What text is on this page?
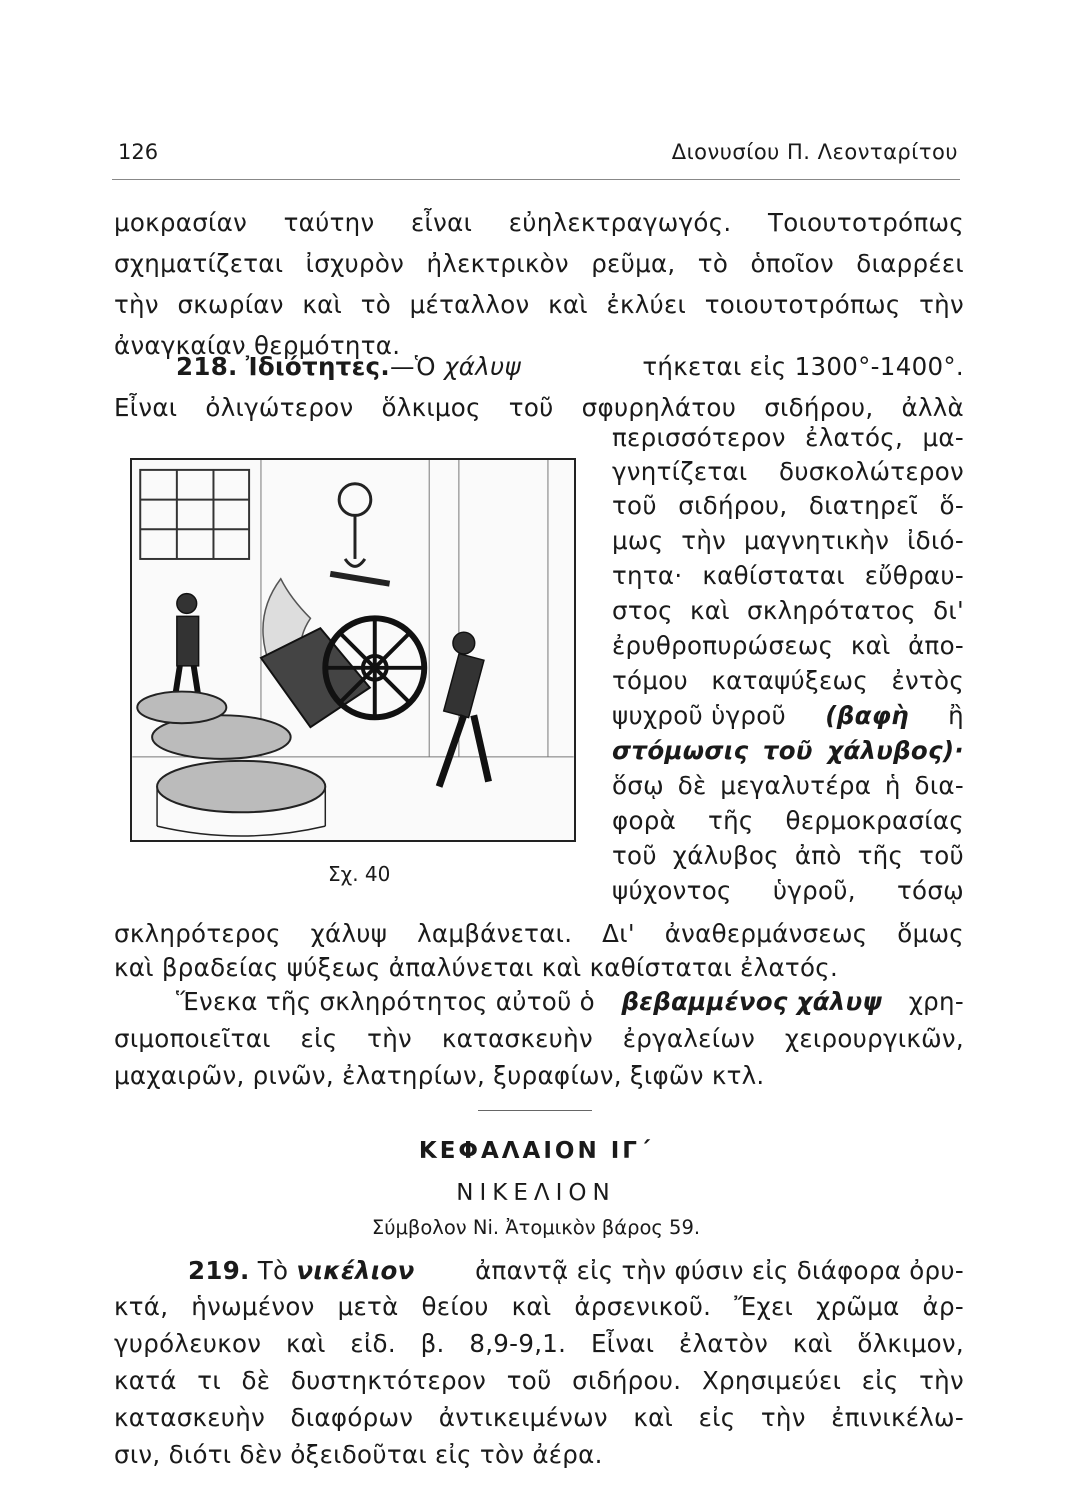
126	Διονυσίου Π. Λεονταρίτου
μοκρασίαν ταύτην εἶναι εὐηλεκτραγωγός. Τοιουτοτρόπως
σχηματίζεται ἰσχυρὸν ἠλεκτρικὸν ρεῦμα, τὸ ὁποῖον διαρρέει
τὴν σκωρίαν καὶ τὸ μέταλλον καὶ ἐκλύει τοιουτοτρόπως τὴν
ἀναγκαίαν θερμότητα.
218. Ἰδιότητες.—Ὁ χάλυψ	τήκεται εἰς 1300°-1400°.
Εἶναι ὀλιγώτερον ὅλκιμος τοῦ σφυρηλάτου σιδήρου, ἀλλὰ
περισσότερον ἐλατός, μα-
γνητίζεται δυσκολώτερον
τοῦ σιδήρου, διατηρεῖ ὅ-
μως τὴν μαγνητικὴν ἰδιό-
τητα· καθίσταται εὔθραυ-
στος καὶ σκληρότατος δι'
ἐρυθροπυρώσεως καὶ ἀπο-
τόμου καταψύξεως ἐντὸς
ψυχροῦ ὑγροῦ (βαφὴ ἢ
στόμωσις τοῦ χάλυβος)·
ὅσῳ δὲ μεγαλυτέρα ἡ δια-
φορὰ τῆς θερμοκρασίας
τοῦ χάλυβος ἀπὸ τῆς τοῦ
ψύχοντος ὑγροῦ, τόσῳ
Σχ. 40
σκληρότερος χάλυψ λαμβάνεται. Δι' ἀναθερμάνσεως ὅμως
καὶ βραδείας ψύξεως ἀπαλύνεται καὶ καθίσταται ἐλατός.
Ἕνεκα τῆς σκληρότητος αὐτοῦ ὁ βεβαμμένος χάλυψ χρη-
σιμοποιεῖται εἰς τὴν κατασκευὴν ἐργαλείων χειρουργικῶν,
μαχαιρῶν, ρινῶν, ἐλατηρίων, ξυραφίων, ξιφῶν κτλ.
ΚΕΦΑΛΑΙΟΝ ΙΓ΄
ΝΙΚΕΛΙΟΝ
Σύμβολον Ni. Ἀτομικὸν βάρος 59.
219. Τὸ νικέλιον ἀπαντᾷ εἰς τὴν φύσιν εἰς διάφορα ὀρυ-
κτά, ἡνωμένον μετὰ θείου καὶ ἀρσενικοῦ. Ἔχει χρῶμα ἀρ-
γυρόλευκον καὶ εἰδ. β. 8,9-9,1. Εἶναι ἐλατὸν καὶ ὅλκιμον,
κατά τι δὲ δυστηκτότερον τοῦ σιδήρου. Χρησιμεύει εἰς τὴν
κατασκευὴν διαφόρων ἀντικειμένων καὶ εἰς τὴν ἐπινικέλω-
σιν, διότι δὲν ὀξειδοῦται εἰς τὸν ἀέρα.
